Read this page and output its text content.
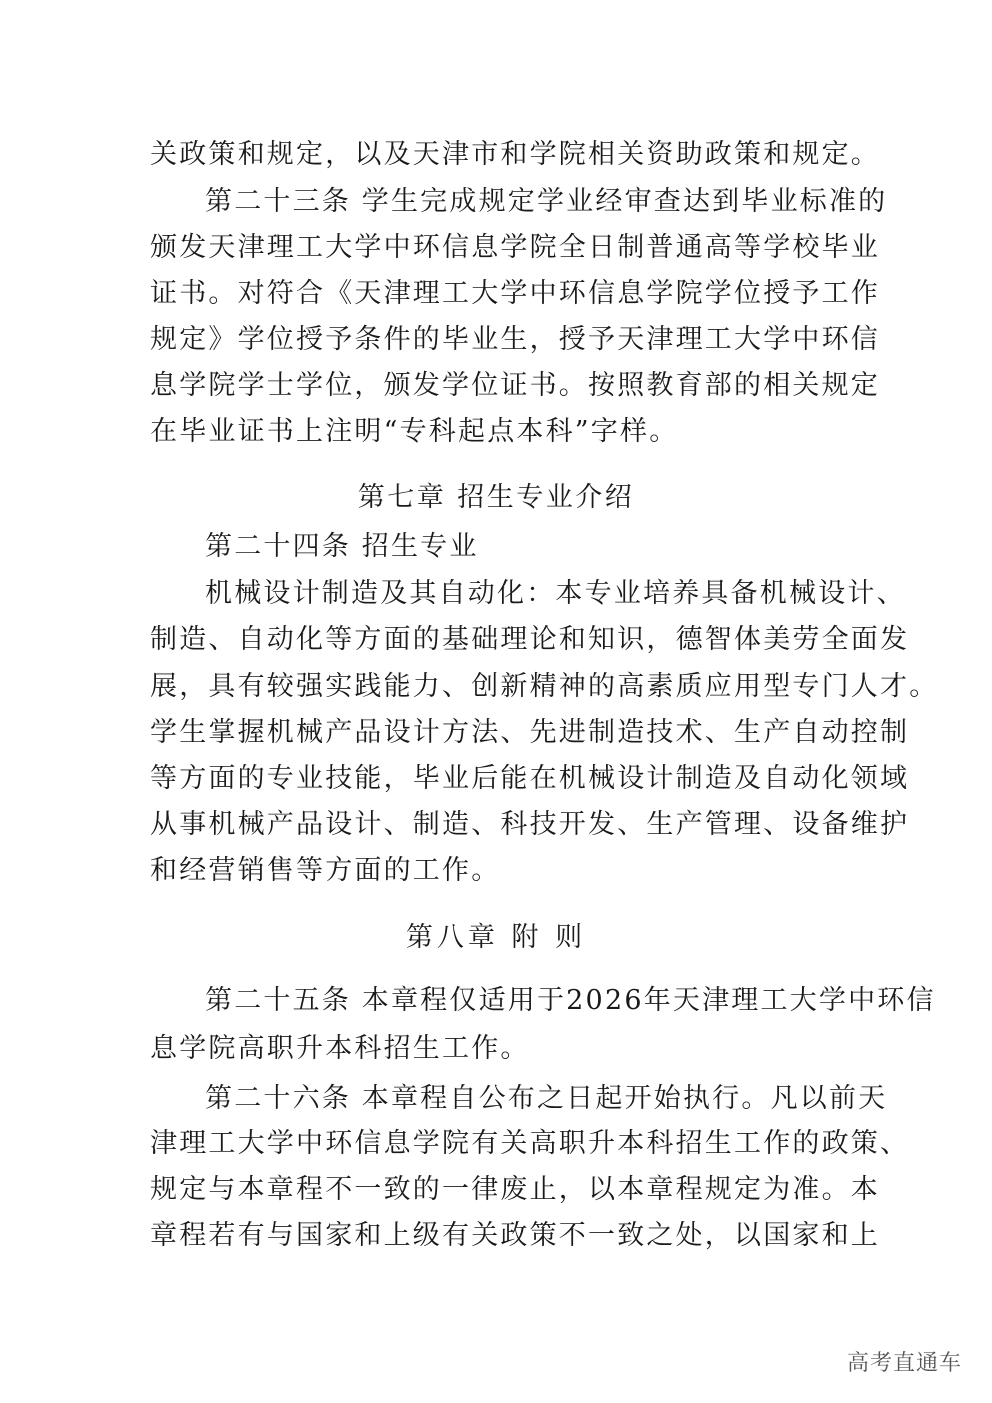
关政策和规定，以及天津市和学院相关资助政策和规定。
第二十三条 学生完成规定学业经审查达到毕业标准的
颁发天津理工大学中环信息学院全日制普通高等学校毕业
证书。对符合《天津理工大学中环信息学院学位授予工作
规定》学位授予条件的毕业生，授予天津理工大学中环信
息学院学士学位，颁发学位证书。按照教育部的相关规定
在毕业证书上注明“专科起点本科”字样。
第七章 招生专业介绍
第二十四条 招生专业
机械设计制造及其自动化：本专业培养具备机械设计、
制造、自动化等方面的基础理论和知识，德智体美劳全面发
展，具有较强实践能力、创新精神的高素质应用型专门人才。
学生掌握机械产品设计方法、先进制造技术、生产自动控制
等方面的专业技能，毕业后能在机械设计制造及自动化领域
从事机械产品设计、制造、科技开发、生产管理、设备维护
和经营销售等方面的工作。
第八章 附 则
第二十五条 本章程仅适用于2026年天津理工大学中环信
息学院高职升本科招生工作。
第二十六条 本章程自公布之日起开始执行。凡以前天
津理工大学中环信息学院有关高职升本科招生工作的政策、
规定与本章程不一致的一律废止，以本章程规定为准。本
章程若有与国家和上级有关政策不一致之处，以国家和上
高考直通车
